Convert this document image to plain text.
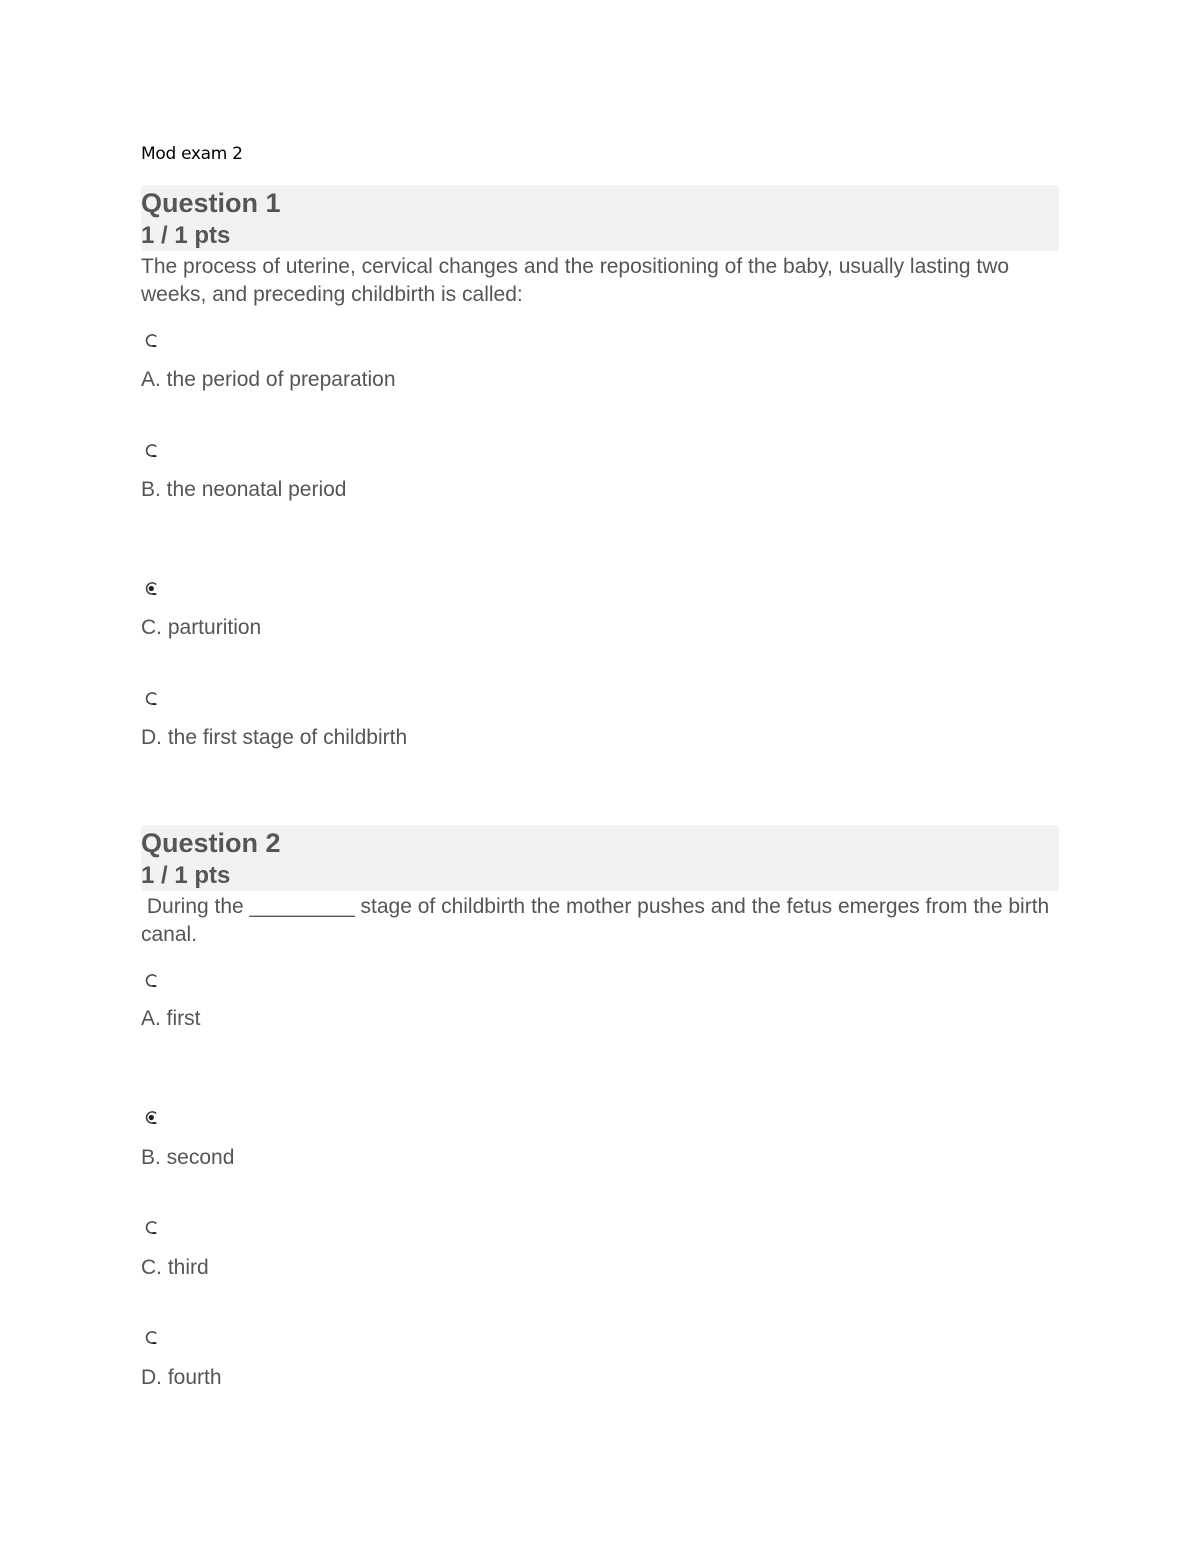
Mod exam 2
Question 1
1 / 1 pts
The process of uterine, cervical changes and the repositioning of the baby, usually lasting two weeks, and preceding childbirth is called:
A. the period of preparation
B. the neonatal period
C. parturition
D. the first stage of childbirth
Question 2
1 / 1 pts
During the _________ stage of childbirth the mother pushes and the fetus emerges from the birth canal.
A. first
B. second
C. third
D. fourth
